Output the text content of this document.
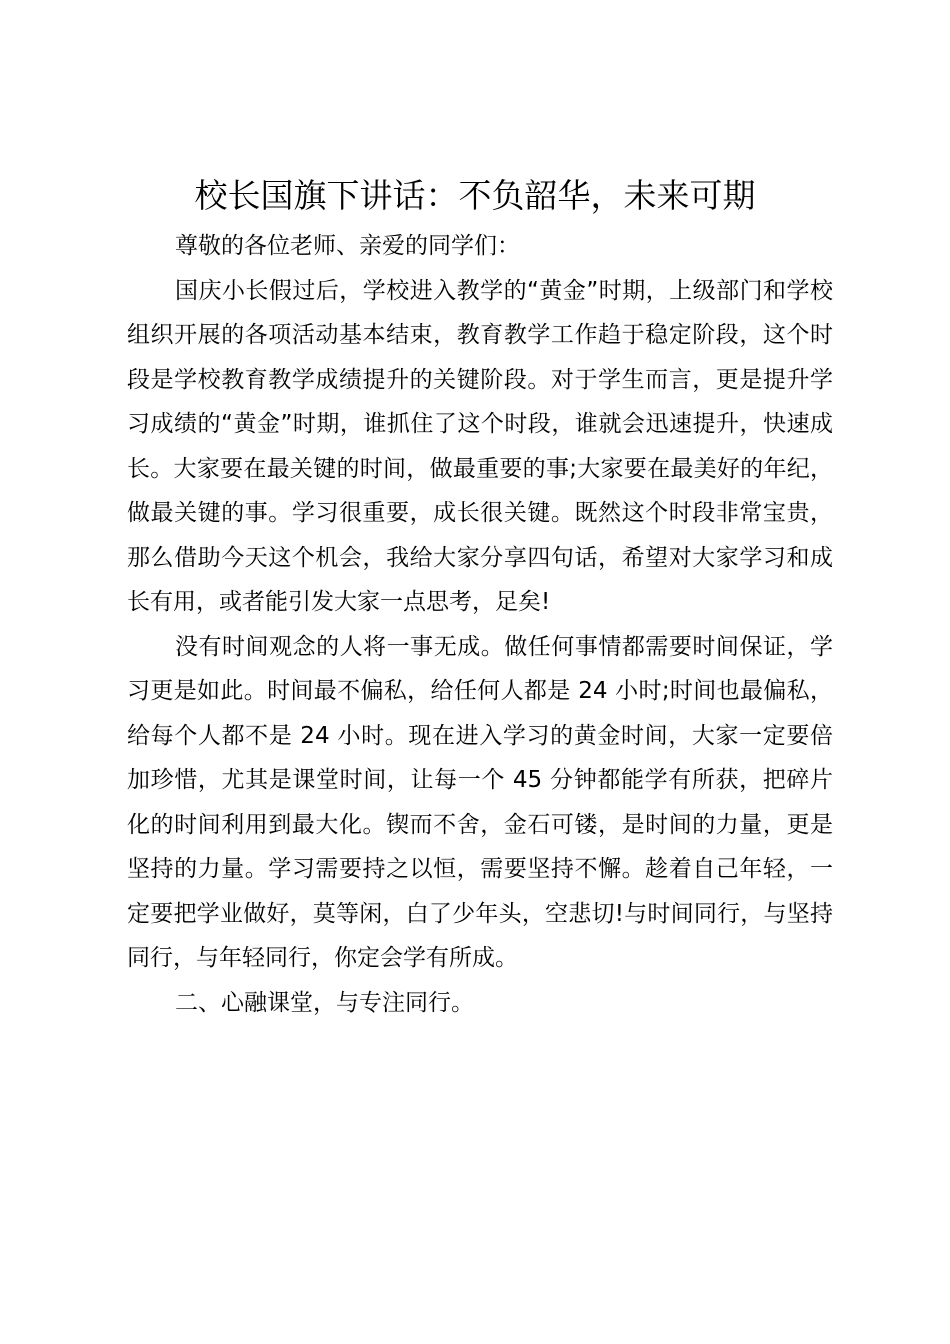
校长国旗下讲话：不负韶华，未来可期

尊敬的各位老师、亲爱的同学们：

国庆小长假过后，学校进入教学的“黄金”时期，上级部门和学校组织开展的各项活动基本结束，教育教学工作趋于稳定阶段，这个时段是学校教育教学成绩提升的关键阶段。对于学生而言，更是提升学习成绩的“黄金”时期，谁抓住了这个时段，谁就会迅速提升，快速成长。大家要在最关键的时间，做最重要的事;大家要在最美好的年纪，做最关键的事。学习很重要，成长很关键。既然这个时段非常宝贵，那么借助今天这个机会，我给大家分享四句话，希望对大家学习和成长有用，或者能引发大家一点思考，足矣!

没有时间观念的人将一事无成。做任何事情都需要时间保证，学习更是如此。时间最不偏私，给任何人都是 24 小时;时间也最偏私，给每个人都不是 24 小时。现在进入学习的黄金时间，大家一定要倍加珍惜，尤其是课堂时间，让每一个 45 分钟都能学有所获，把碎片化的时间利用到最大化。锲而不舍，金石可镂，是时间的力量，更是坚持的力量。学习需要持之以恒，需要坚持不懈。趁着自己年轻，一定要把学业做好，莫等闲，白了少年头，空悲切!与时间同行，与坚持同行，与年轻同行，你定会学有所成。

二、心融课堂，与专注同行。
